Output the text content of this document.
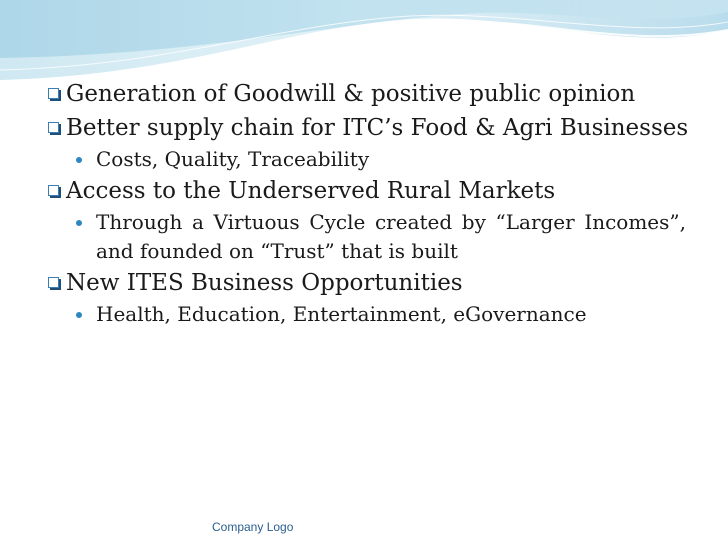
Generation of Goodwill & positive public opinion
Better supply chain for ITC’s Food & Agri Businesses
Costs, Quality, Traceability
Access to the Underserved Rural Markets
Through a Virtuous Cycle created by “Larger Incomes”, and founded on “Trust” that is built
New ITES Business Opportunities
Health, Education, Entertainment, eGovernance
Company Logo
